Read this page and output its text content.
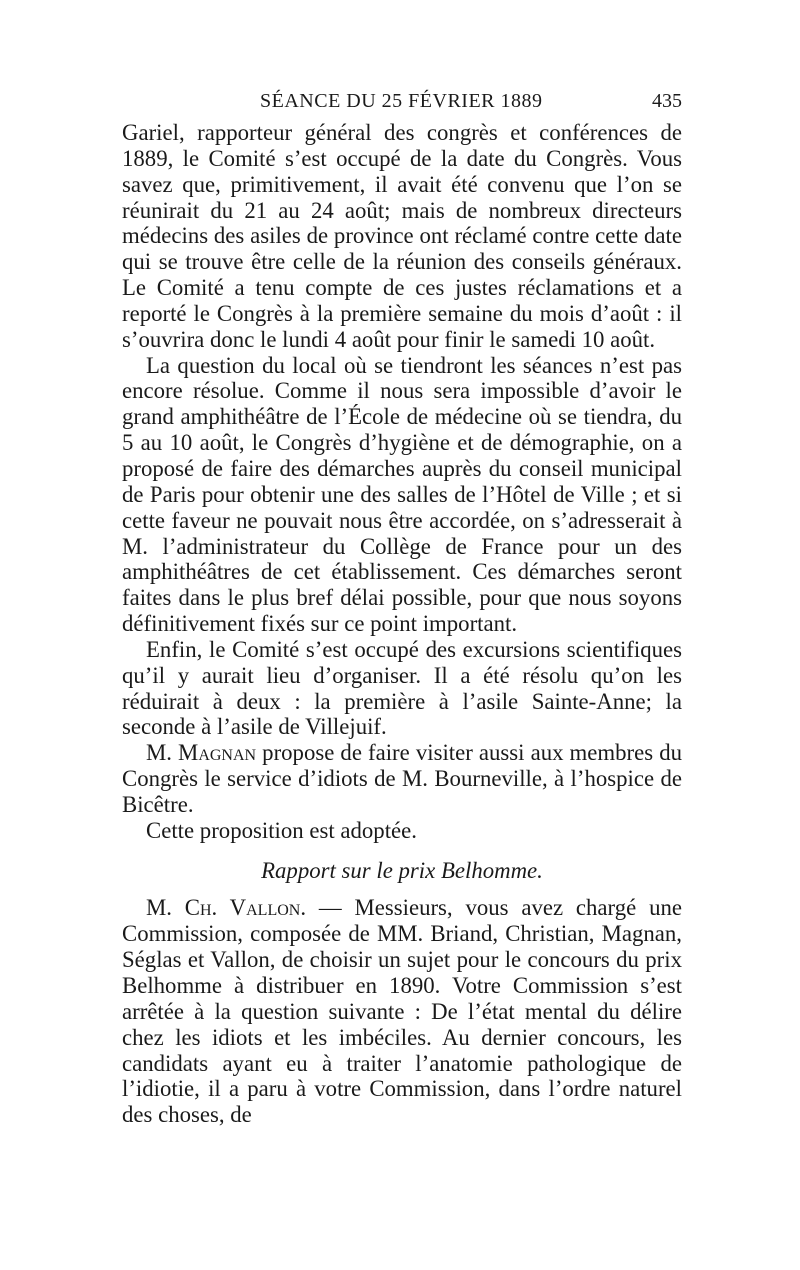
SÉANCE DU 25 FÉVRIER 1889	435

Gariel, rapporteur général des congrès et conférences de 1889, le Comité s’est occupé de la date du Congrès. Vous savez que, primitivement, il avait été convenu que l’on se réunirait du 21 au 24 août; mais de nombreux directeurs médecins des asiles de province ont réclamé contre cette date qui se trouve être celle de la réunion des conseils généraux. Le Comité a tenu compte de ces justes réclamations et a reporté le Congrès à la première semaine du mois d’août : il s’ouvrira donc le lundi 4 août pour finir le samedi 10 août.

La question du local où se tiendront les séances n’est pas encore résolue. Comme il nous sera impossible d’avoir le grand amphithéâtre de l’École de médecine où se tiendra, du 5 au 10 août, le Congrès d’hygiène et de démographie, on a proposé de faire des démarches auprès du conseil municipal de Paris pour obtenir une des salles de l’Hôtel de Ville ; et si cette faveur ne pouvait nous être accordée, on s’adresserait à M. l’administrateur du Collège de France pour un des amphithéâtres de cet établissement. Ces démarches seront faites dans le plus bref délai possible, pour que nous soyons définitivement fixés sur ce point important.

Enfin, le Comité s’est occupé des excursions scientifiques qu’il y aurait lieu d’organiser. Il a été résolu qu’on les réduirait à deux : la première à l’asile Sainte-Anne; la seconde à l’asile de Villejuif.

M. Magnan propose de faire visiter aussi aux membres du Congrès le service d’idiots de M. Bourneville, à l’hospice de Bicêtre.

Cette proposition est adoptée.

Rapport sur le prix Belhomme.

M. Ch. Vallon. — Messieurs, vous avez chargé une Commission, composée de MM. Briand, Christian, Magnan, Séglas et Vallon, de choisir un sujet pour le concours du prix Belhomme à distribuer en 1890. Votre Commission s’est arrêtée à la question suivante : De l’état mental du délire chez les idiots et les imbéciles. Au dernier concours, les candidats ayant eu à traiter l’anatomie pathologique de l’idiotie, il a paru à votre Commission, dans l’ordre naturel des choses, de
